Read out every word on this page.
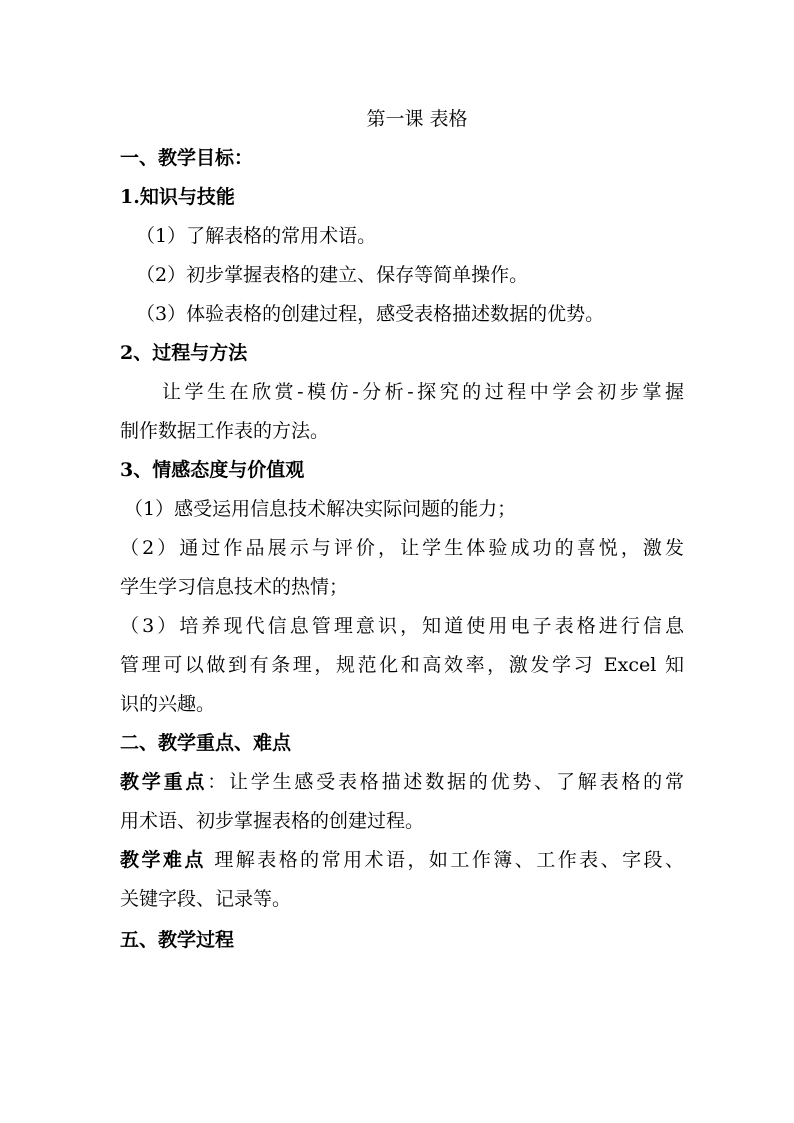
第一课 表格
一、教学目标：
1.知识与技能
（1）了解表格的常用术语。
（2）初步掌握表格的建立、保存等简单操作。
（3）体验表格的创建过程，感受表格描述数据的优势。
2、过程与方法
让学生在欣赏-模仿-分析-探究的过程中学会初步掌握
制作数据工作表的方法。
3、情感态度与价值观
（1）感受运用信息技术解决实际问题的能力；
（2）通过作品展示与评价，让学生体验成功的喜悦，激发
学生学习信息技术的热情；
（3）培养现代信息管理意识，知道使用电子表格进行信息
管理可以做到有条理，规范化和高效率，激发学习 Excel 知
识的兴趣。
二、教学重点、难点
教学重点：让学生感受表格描述数据的优势、了解表格的常
用术语、初步掌握表格的创建过程。
教学难点 理解表格的常用术语，如工作簿、工作表、字段、
关键字段、记录等。
五、教学过程
